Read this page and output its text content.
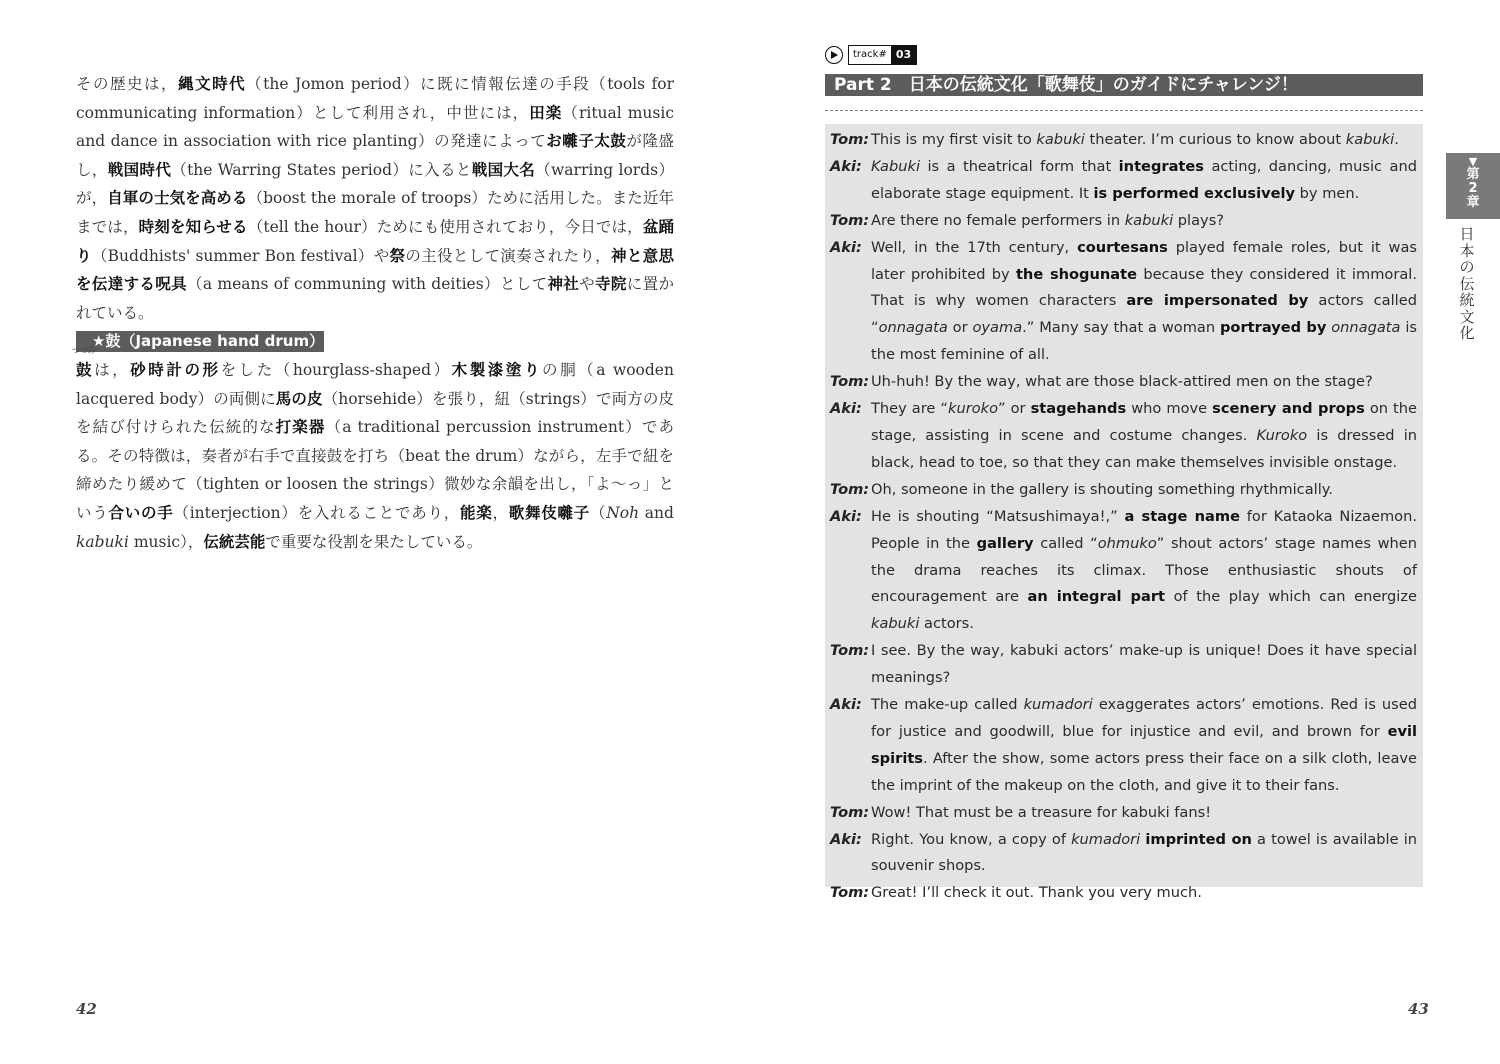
その歴史は，縄文時代（the Jomon period）に既に情報伝達の手段（tools for communicating information）として利用され，中世には，田楽（ritual music and dance in association with rice planting）の発達によってお囃子太鼓が隆盛し，戦国時代（the Warring States period）に入ると戦国大名（warring lords）が，自軍の士気を高める（boost the morale of troops）ために活用した。また近年までは，時刻を知らせる（tell the hour）ためにも使用されており，今日では，盆踊り（Buddhists' summer Bon festival）や祭の主役として演奏されたり，神と意思を伝達する呪具（a means of communing with deities）として神社や寺院に置かれている。
★鼓（Japanese hand drum）
つづみ
鼓は，砂時計の形をした（hourglass-shaped）木製漆塗りの胴（a wooden lacquered body）の両側に馬の皮（horsehide）を張り，紐（strings）で両方の皮を結び付けられた伝統的な打楽器（a traditional percussion instrument）である。その特徴は，奏者が右手で直接鼓を打ち（beat the drum）ながら，左手で紐を締めたり緩めて（tighten or loosen the strings）微妙な余韻を出し，「よ～っ」という合いの手（interjection）を入れることであり，能楽，歌舞伎囃子（Noh and kabuki music），伝統芸能で重要な役割を果たしている。
42
track# 03
Part 2　日本の伝統文化「歌舞伎」のガイドにチャレンジ！
Tom: This is my first visit to kabuki theater. I’m curious to know about kabuki.
Aki: Kabuki is a theatrical form that integrates acting, dancing, music and elaborate stage equipment. It is performed exclusively by men.
Tom: Are there no female performers in kabuki plays?
Aki: Well, in the 17th century, courtesans played female roles, but it was later prohibited by the shogunate because they considered it immoral. That is why women characters are impersonated by actors called “onnagata or oyama.” Many say that a woman portrayed by onnagata is the most feminine of all.
Tom: Uh-huh! By the way, what are those black-attired men on the stage?
Aki: They are “kuroko” or stagehands who move scenery and props on the stage, assisting in scene and costume changes. Kuroko is dressed in black, head to toe, so that they can make themselves invisible onstage.
Tom: Oh, someone in the gallery is shouting something rhythmically.
Aki: He is shouting “Matsushimaya!,” a stage name for Kataoka Nizaemon. People in the gallery called “ohmuko” shout actors’ stage names when the drama reaches its climax. Those enthusiastic shouts of encouragement are an integral part of the play which can energize kabuki actors.
Tom: I see. By the way, kabuki actors’ make-up is unique! Does it have special meanings?
Aki: The make-up called kumadori exaggerates actors’ emotions. Red is used for justice and goodwill, blue for injustice and evil, and brown for evil spirits. After the show, some actors press their face on a silk cloth, leave the imprint of the makeup on the cloth, and give it to their fans.
Tom: Wow! That must be a treasure for kabuki fans!
Aki: Right. You know, a copy of kumadori imprinted on a towel is available in souvenir shops.
Tom: Great! I’ll check it out. Thank you very much.
▼
第2章
日本の伝統文化
43
